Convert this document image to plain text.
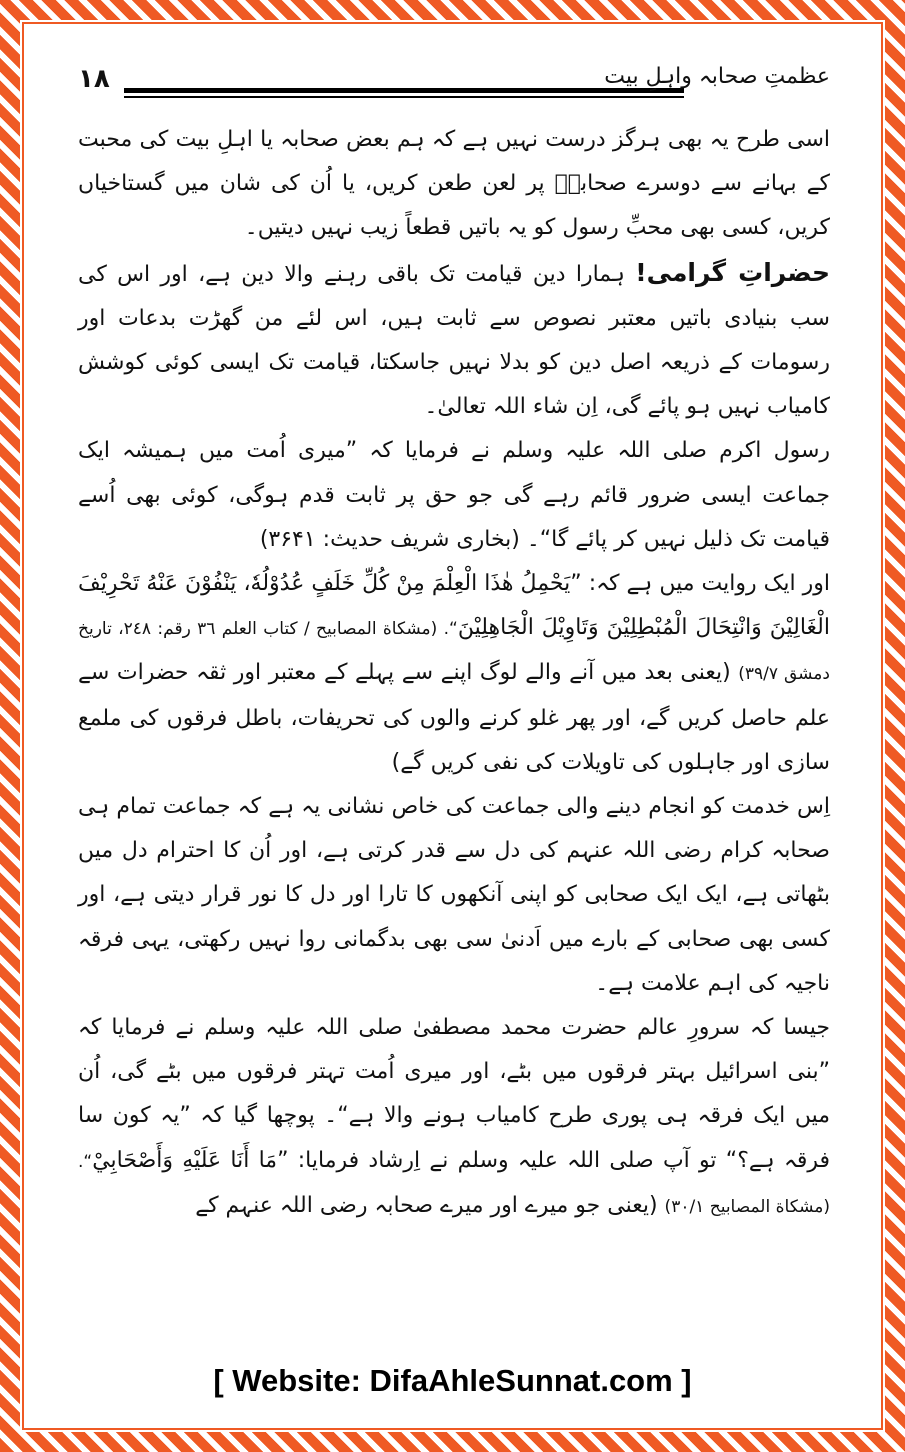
۱۸	عظمتِ صحابہ واہلِ بیت

اسی طرح یہ بھی ہرگز درست نہیں ہے کہ ہم بعض صحابہ یا اہلِ بیت کی محبت کے بہانے سے دوسرے صحابہؓ پر لعن طعن کریں، یا اُن کی شان میں گستاخیاں کریں، کسی بھی محبِّ رسول کو یہ باتیں قطعاً زیب نہیں دیتیں۔

حضراتِ گرامی! ہمارا دین قیامت تک باقی رہنے والا دین ہے، اور اس کی سب بنیادی باتیں معتبر نصوص سے ثابت ہیں، اس لئے من گھڑت بدعات اور رسومات کے ذریعہ اصل دین کو بدلا نہیں جاسکتا، قیامت تک ایسی کوئی کوشش کامیاب نہیں ہو پائے گی، اِن شاء اللہ تعالیٰ۔

رسول اکرم صلی اللہ علیہ وسلم نے فرمایا کہ ”میری اُمت میں ہمیشہ ایک جماعت ایسی ضرور قائم رہے گی جو حق پر ثابت قدم ہوگی، کوئی بھی اُسے قیامت تک ذلیل نہیں کر پائے گا“۔ (بخاری شریف حدیث: ۳۶۴۱)

اور ایک روایت میں ہے کہ: ”یَحْمِلُ هٰذَا الْعِلْمَ مِنْ کُلِّ خَلَفٍ عُدُوْلُهٗ، یَنْفُوْنَ عَنْهُ تَحْرِیْفَ الْغَالِیْنَ وَانْتِحَالَ الْمُبْطِلِیْنَ وَتَاوِیْلَ الْجَاهِلِیْنَ“. (مشكاة المصابيح / كتاب العلم ٣٦ رقم: ٢٤٨، تاريخ دمشق ٣٩/٧) (یعنی بعد میں آنے والے لوگ اپنے سے پہلے کے معتبر اور ثقہ حضرات سے علم حاصل کریں گے، اور پھر غلو کرنے والوں کی تحریفات، باطل فرقوں کی ملمع سازی اور جاہلوں کی تاویلات کی نفی کریں گے)

اِس خدمت کو انجام دینے والی جماعت کی خاص نشانی یہ ہے کہ جماعت تمام ہی صحابہ کرام رضی اللہ عنہم کی دل سے قدر کرتی ہے، اور اُن کا احترام دل میں بٹھاتی ہے، ایک ایک صحابی کو اپنی آنکھوں کا تارا اور دل کا نور قرار دیتی ہے، اور کسی بھی صحابی کے بارے میں اَدنیٰ سی بھی بدگمانی روا نہیں رکھتی، یہی فرقہ ناجیہ کی اہم علامت ہے۔

جیسا کہ سرورِ عالم حضرت محمد مصطفیٰ صلی اللہ علیہ وسلم نے فرمایا کہ ”بنی اسرائیل بہتر فرقوں میں بٹے، اور میری اُمت تہتر فرقوں میں بٹے گی، اُن میں ایک فرقہ ہی پوری طرح کامیاب ہونے والا ہے“۔ پوچھا گیا کہ ”یہ کون سا فرقہ ہے؟“ تو آپ صلی اللہ علیہ وسلم نے اِرشاد فرمایا: ”مَا أَنَا عَلَيْهِ وَأَصْحَابِيْ“. (مشكاة المصابيح ٣٠/١) (یعنی جو میرے اور میرے صحابہ رضی اللہ عنہم کے

[ Website: DifaAhleSunnat.com ]
